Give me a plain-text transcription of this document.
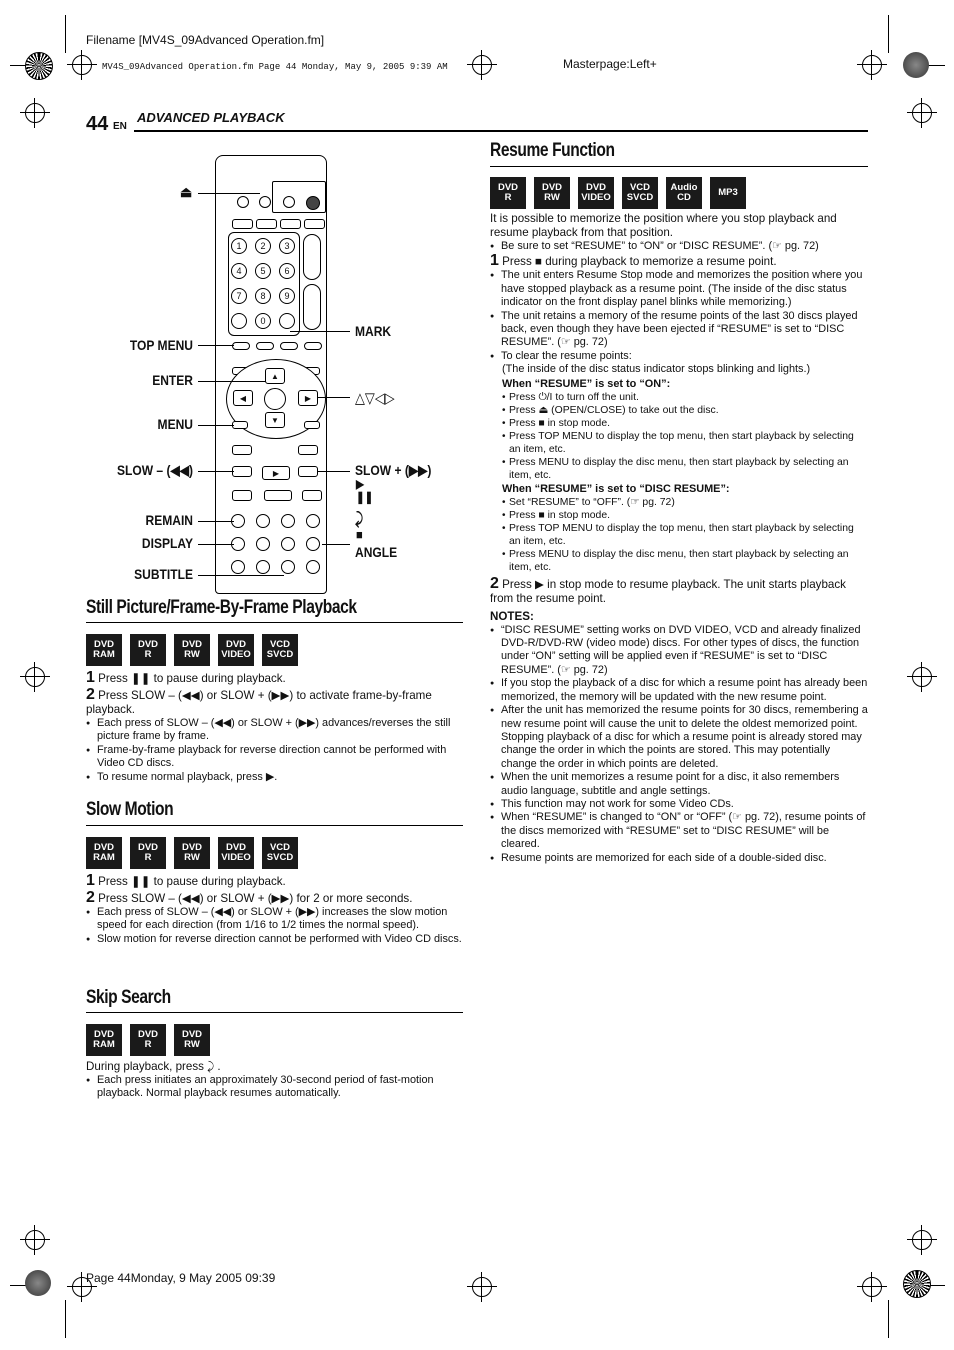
Filename [MV4S_09Advanced Operation.fm]
MV4S_09Advanced Operation.fm Page 44 Monday, May 9, 2005 9:39 AM	Masterpage:Left+
44 EN
ADVANCED PLAYBACK
1	2	3
4	5	6
7	8	9
0
▲
▼
◀	▶
▶
⏏
TOP MENU
ENTER
MENU
SLOW – (◀◀)
REMAIN
DISPLAY
SUBTITLE
MARK
△▽◁▷
SLOW + (▶▶)
▶
❚❚
⤸
■
ANGLE
Still Picture/Frame-By-Frame Playback
DVD
RAM
DVD
R
DVD
RW
DVD
VIDEO
VCD
SVCD
1 Press ❚❚ to pause during playback.
2 Press SLOW – (◀◀) or SLOW + (▶▶) to activate frame-by-frame playback.
● Each press of SLOW – (◀◀) or SLOW + (▶▶) advances/reverses the still picture frame by frame.
● Frame-by-frame playback for reverse direction cannot be performed with Video CD discs.
● To resume normal playback, press ▶.
Slow Motion
DVD
RAM
DVD
R
DVD
RW
DVD
VIDEO
VCD
SVCD
1 Press ❚❚ to pause during playback.
2 Press SLOW – (◀◀) or SLOW + (▶▶) for 2 or more seconds.
● Each press of SLOW – (◀◀) or SLOW + (▶▶) increases the slow motion speed for each direction (from 1/16 to 1/2 times the normal speed).
● Slow motion for reverse direction cannot be performed with Video CD discs.
Skip Search
DVD
RAM
DVD
R
DVD
RW
During playback, press ⤸ .
● Each press initiates an approximately 30-second period of fast-motion playback. Normal playback resumes automatically.
Resume Function
DVD
R
DVD
RW
DVD
VIDEO
VCD
SVCD
Audio
CD	MP3
It is possible to memorize the position where you stop playback and resume playback from that position.
● Be sure to set “RESUME” to “ON” or “DISC RESUME”. (☞ pg. 72)
1 Press ■ during playback to memorize a resume point.
● The unit enters Resume Stop mode and memorizes the position where you have stopped playback as a resume point. (The inside of the disc status indicator on the front display panel blinks while memorizing.)
● The unit retains a memory of the resume points of the last 30 discs played back, even though they have been ejected if “RESUME” is set to “DISC RESUME”. (☞ pg. 72)
● To clear the resume points:
(The inside of the disc status indicator stops blinking and lights.)
When “RESUME” is set to “ON”:
• Press ⏻/I to turn off the unit.
• Press ⏏ (OPEN/CLOSE) to take out the disc.
• Press ■ in stop mode.
• Press TOP MENU to display the top menu, then start playback by selecting an item, etc.
• Press MENU to display the disc menu, then start playback by selecting an item, etc.
When “RESUME” is set to “DISC RESUME”:
• Set “RESUME” to “OFF”. (☞ pg. 72)
• Press ■ in stop mode.
• Press TOP MENU to display the top menu, then start playback by selecting an item, etc.
• Press MENU to display the disc menu, then start playback by selecting an item, etc.
2 Press ▶ in stop mode to resume playback. The unit starts playback from the resume point.
NOTES:
● “DISC RESUME” setting works on DVD VIDEO, VCD and already finalized DVD-R/DVD-RW (video mode) discs. For other types of discs, the function under “ON” setting will be applied even if “RESUME” is set to “DISC RESUME”. (☞ pg. 72)
● If you stop the playback of a disc for which a resume point has already been memorized, the memory will be updated with the new resume point.
● After the unit has memorized the resume points for 30 discs, remembering a new resume point will cause the unit to delete the oldest memorized point. Stopping playback of a disc for which a resume point is already stored may change the order in which the points are stored. This may potentially change the order in which points are deleted.
● When the unit memorizes a resume point for a disc, it also remembers audio language, subtitle and angle settings.
● This function may not work for some Video CDs.
● When “RESUME” is changed to “ON” or “OFF” (☞ pg. 72), resume points of the discs memorized with “RESUME” set to “DISC RESUME” will be cleared.
● Resume points are memorized for each side of a double-sided disc.
Page 44Monday, 9 May 2005 09:39
